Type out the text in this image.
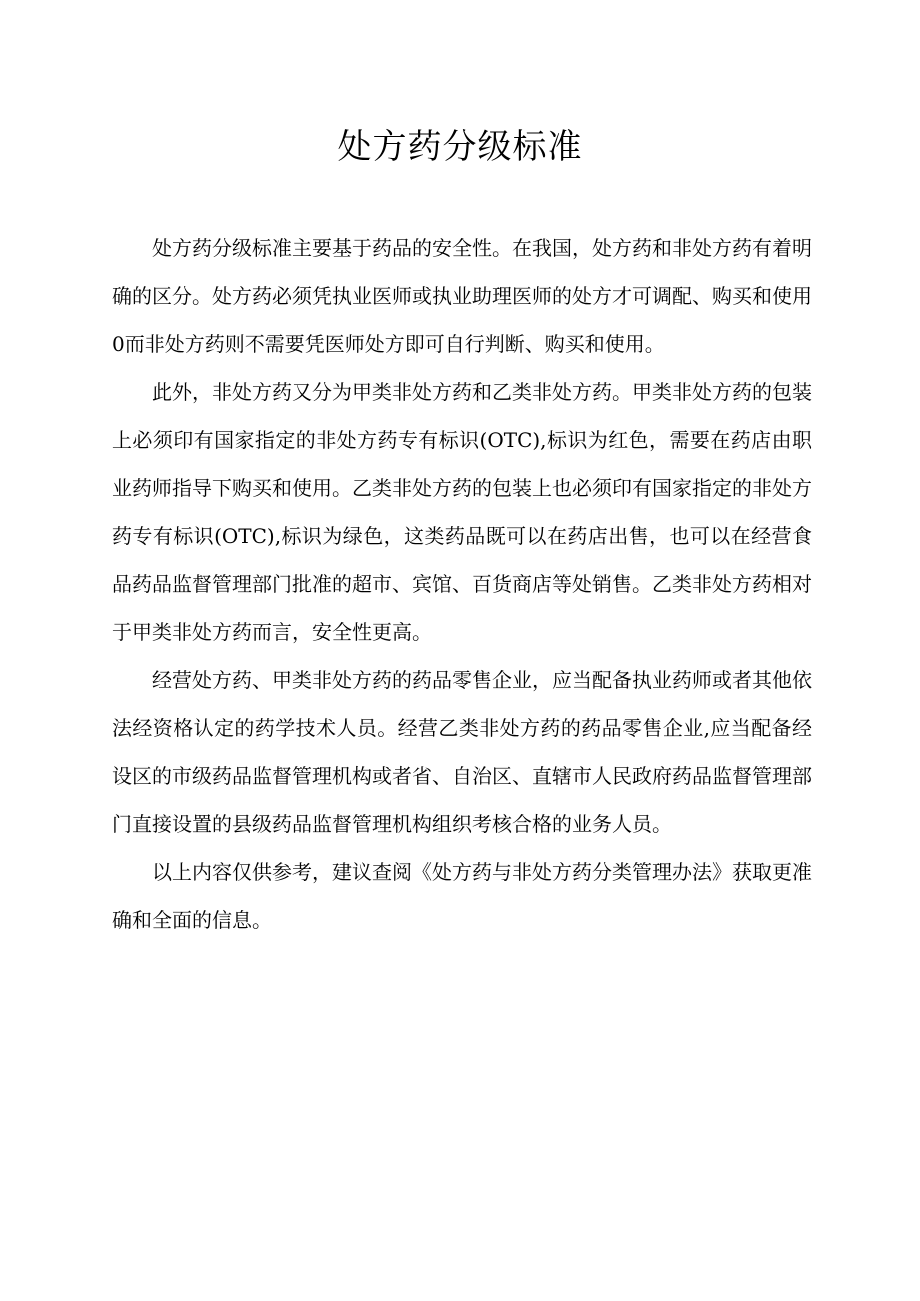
处方药分级标准

处方药分级标准主要基于药品的安全性。在我国，处方药和非处方药有着明确的区分。处方药必须凭执业医师或执业助理医师的处方才可调配、购买和使用0而非处方药则不需要凭医师处方即可自行判断、购买和使用。

此外，非处方药又分为甲类非处方药和乙类非处方药。甲类非处方药的包装上必须印有国家指定的非处方药专有标识(OTC),标识为红色，需要在药店由职业药师指导下购买和使用。乙类非处方药的包装上也必须印有国家指定的非处方药专有标识(OTC),标识为绿色，这类药品既可以在药店出售，也可以在经营食品药品监督管理部门批准的超市、宾馆、百货商店等处销售。乙类非处方药相对于甲类非处方药而言，安全性更高。

经营处方药、甲类非处方药的药品零售企业，应当配备执业药师或者其他依法经资格认定的药学技术人员。经营乙类非处方药的药品零售企业,应当配备经设区的市级药品监督管理机构或者省、自治区、直辖市人民政府药品监督管理部门直接设置的县级药品监督管理机构组织考核合格的业务人员。

以上内容仅供参考，建议查阅《处方药与非处方药分类管理办法》获取更准确和全面的信息。
